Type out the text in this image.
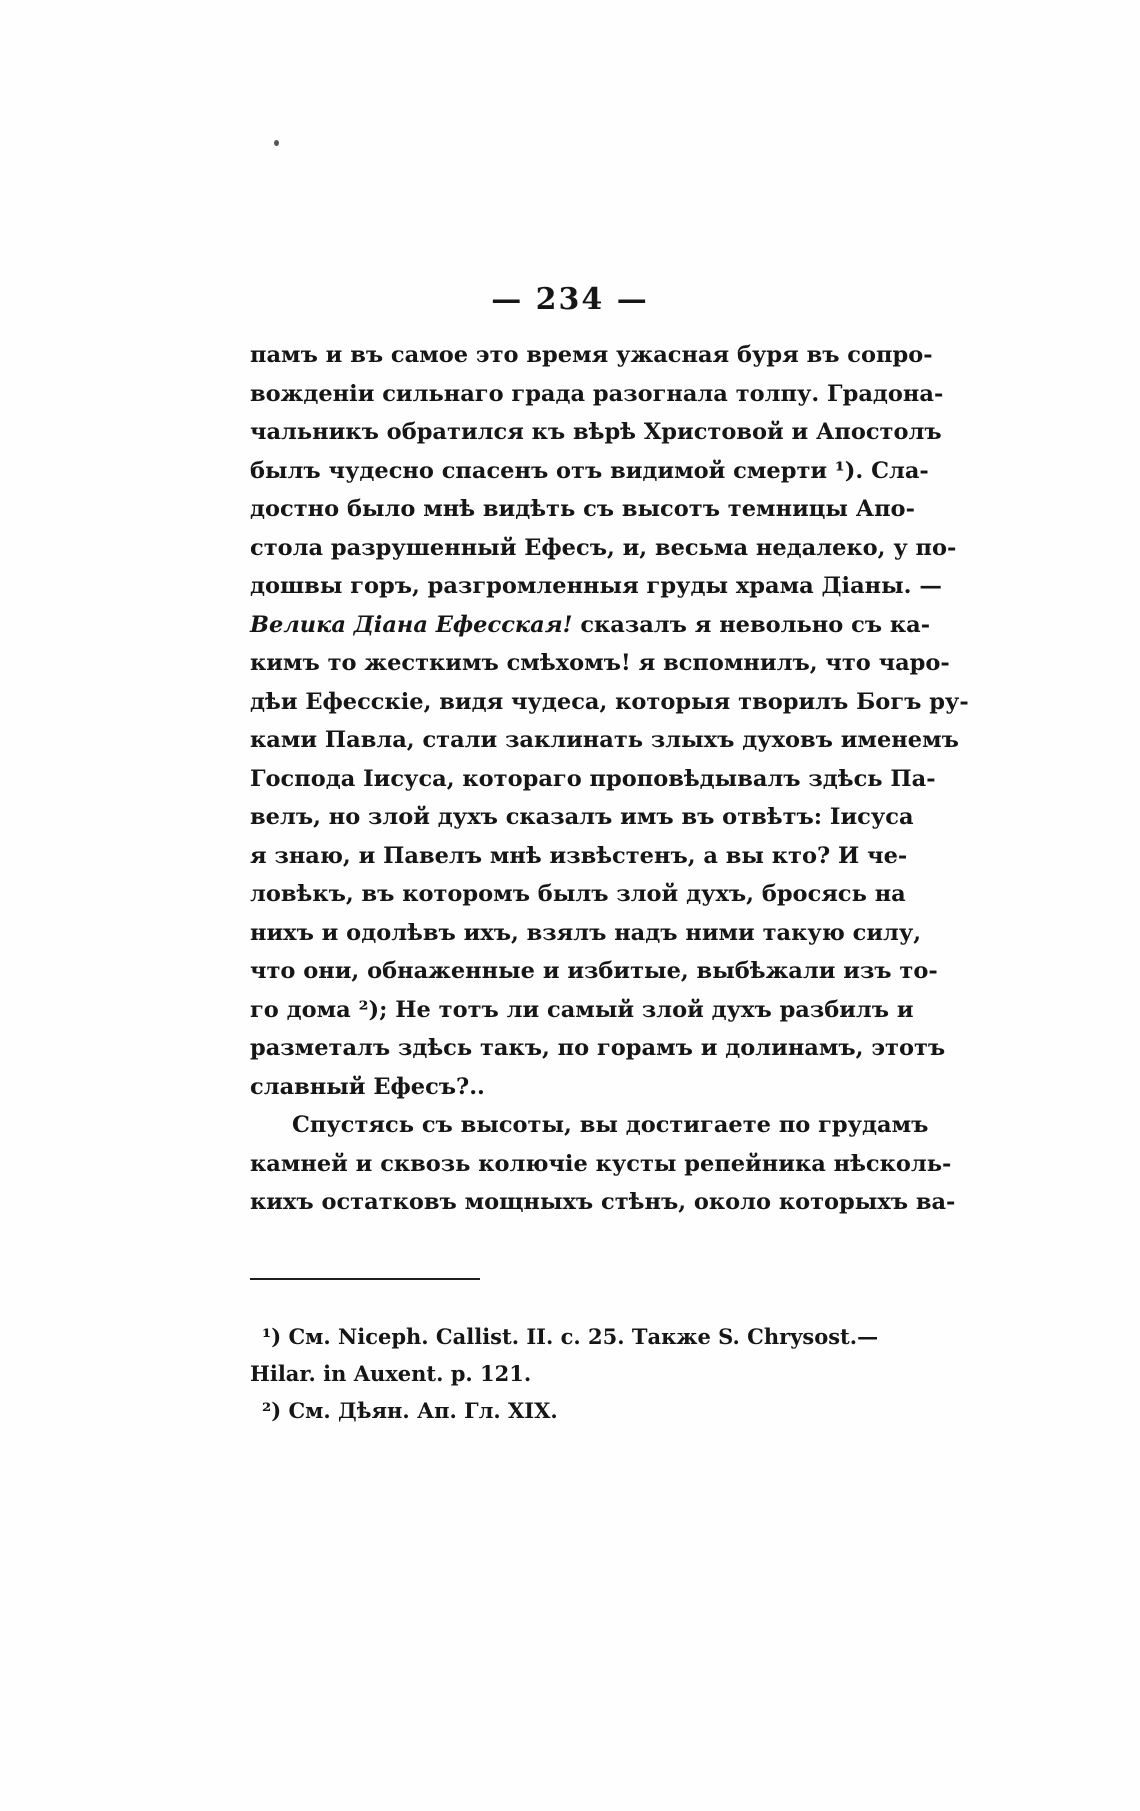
— 234 —
памъ и въ самое это время ужасная буря въ сопро-
вожденіи сильнаго града разогнала толпу. Градона-
чальникъ обратился къ вѣрѣ Христовой и Апостолъ
былъ чудесно спасенъ отъ видимой смерти ¹). Сла-
достно было мнѣ видѣть съ высотъ темницы Апо-
стола разрушенный Ефесъ, и, весьма недалеко, у по-
дошвы горъ, разгромленныя груды храма Діаны. —
Велика Діана Ефесская! сказалъ я невольно съ ка-
кимъ то жесткимъ смѣхомъ! я вспомнилъ, что чаро-
дѣи Ефесскіе, видя чудеса, которыя творилъ Богъ ру-
ками Павла, стали заклинать злыхъ духовъ именемъ
Господа Іисуса, котораго проповѣдывалъ здѣсь Па-
велъ, но злой духъ сказалъ имъ въ отвѣтъ: Іисуса
я знаю, и Павелъ мнѣ извѣстенъ, а вы кто? И че-
ловѣкъ, въ которомъ былъ злой духъ, бросясь на
нихъ и одолѣвъ ихъ, взялъ надъ ними такую силу,
что они, обнаженные и избитые, выбѣжали изъ то-
го дома ²); Не тотъ ли самый злой духъ разбилъ и
разметалъ здѣсь такъ, по горамъ и долинамъ, этотъ
славный Ефесъ?..
Спустясь съ высоты, вы достигаете по грудамъ
камней и сквозь колючіе кусты репейника нѣсколь-
кихъ остатковъ мощныхъ стѣнъ, около которыхъ ва-
¹) См. Niceph. Callist. II. c. 25. Также S. Chrysost.—
Hilar. in Auxent. p. 121.
²) См. Дѣян. Ап. Гл. XIX.
